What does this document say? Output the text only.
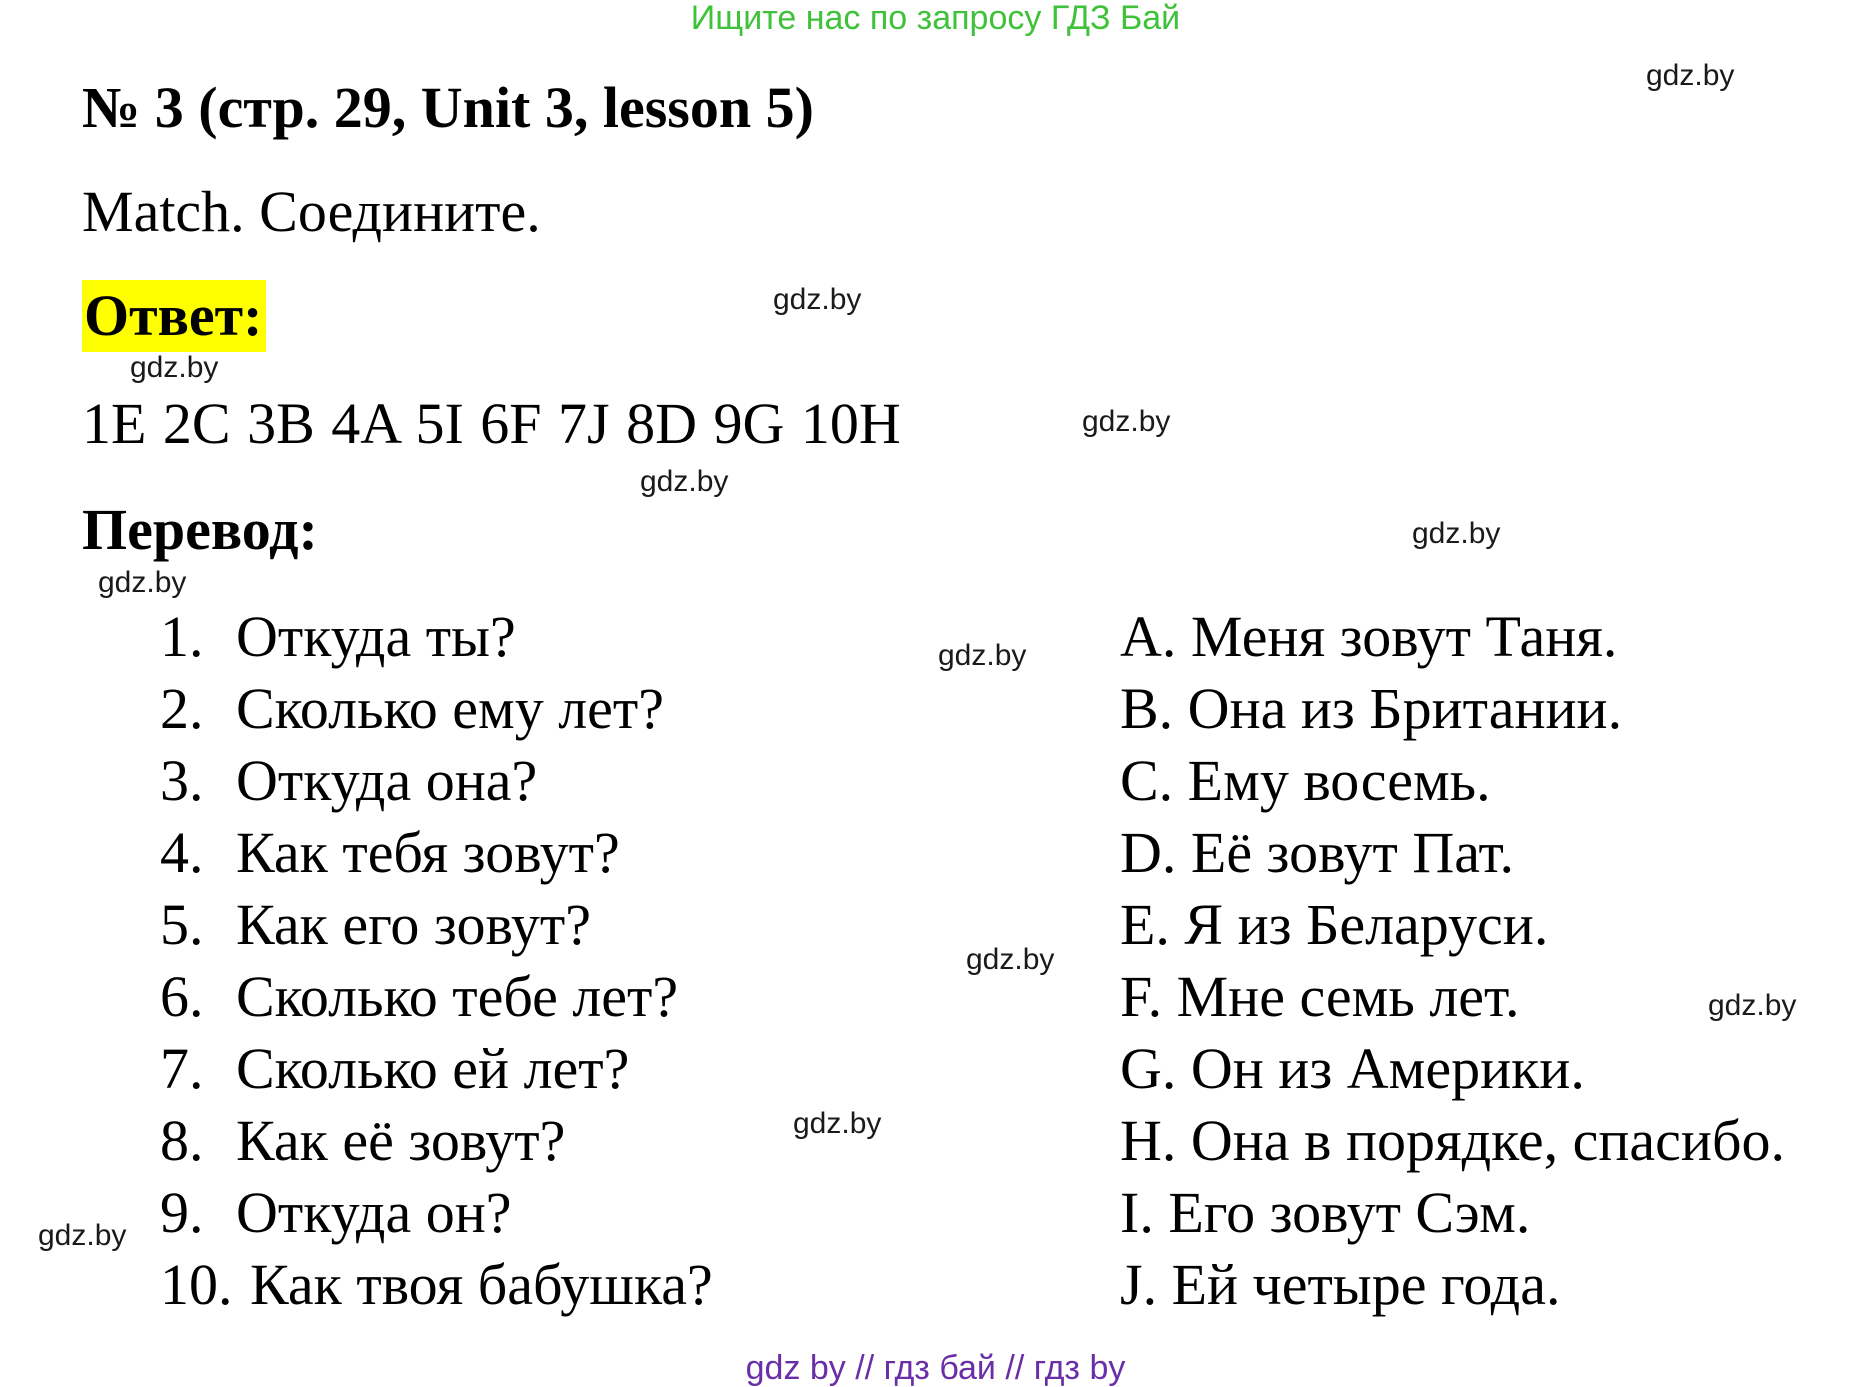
Ищите нас по запросу ГДЗ Бай
№ 3 (стр. 29, Unit 3, lesson 5)
Match. Соедините.
Ответ:
1E 2C 3B 4A 5I 6F 7J 8D 9G 10H
Перевод:
1. Откуда ты?
2. Сколько ему лет?
3. Откуда она?
4. Как тебя зовут?
5. Как его зовут?
6. Сколько тебе лет?
7. Сколько ей лет?
8. Как её зовут?
9. Откуда он?
10. Как твоя бабушка?
A. Меня зовут Таня.
B. Она из Британии.
C. Ему восемь.
D. Её зовут Пат.
E. Я из Беларуси.
F. Мне семь лет.
G. Он из Америки.
H. Она в порядке, спасибо.
I. Его зовут Сэм.
J. Ей четыре года.
gdz.by
gdz.by
gdz.by
gdz.by
gdz.by
gdz.by
gdz.by
gdz.by
gdz.by
gdz.by
gdz.by
gdz.by
gdz by // гдз бай // гдз by
